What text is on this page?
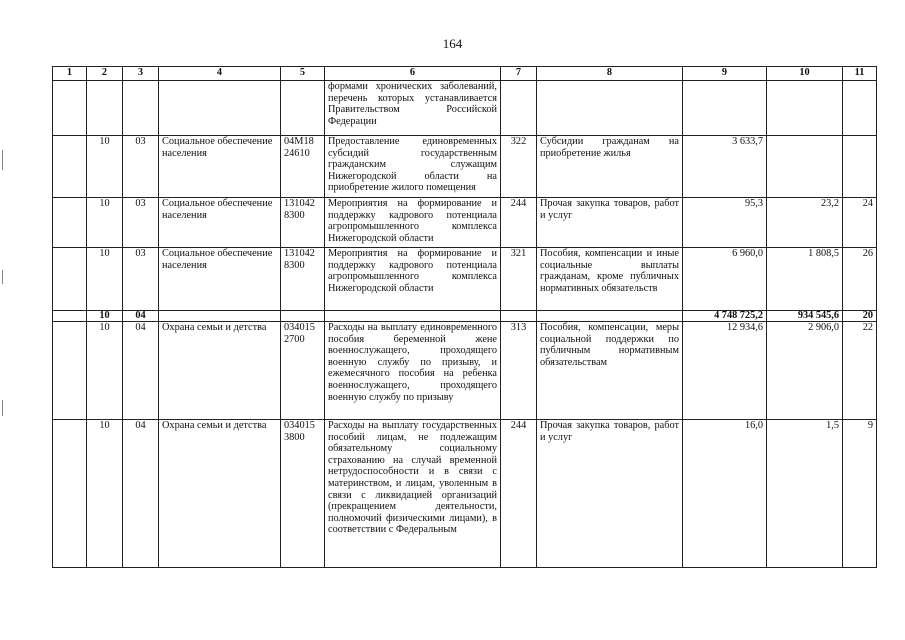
164
1	2	3	4	5	6	7	8	9	10	11
					формами хронических заболеваний, перечень которых устанавливается Правительством Российской Федерации					
	10	03	Социальное обеспечение населения	04М18 24610	Предоставление единовременных субсидий государственным гражданским служащим Нижегородской области на приобретение жилого помещения	322	Субсидии гражданам на приобретение жилья	3 633,7		
	10	03	Социальное обеспечение населения	131042 8300	Мероприятия на формирование и поддержку кадрового потенциала агропромышленного комплекса Нижегородской области	244	Прочая закупка товаров, работ и услуг	95,3	23,2	24
	10	03	Социальное обеспечение населения	131042 8300	Мероприятия на формирование и поддержку кадрового потенциала агропромышленного комплекса Нижегородской области	321	Пособия, компенсации и иные социальные выплаты гражданам, кроме публичных нормативных обязательств	6 960,0	1 808,5	26
	10	04						4 748 725,2	934 545,6	20
	10	04	Охрана семьи и детства	034015 2700	Расходы на выплату единовременного пособия беременной жене военнослужащего, проходящего военную службу по призыву, и ежемесячного пособия на ребенка военнослужащего, проходящего военную службу по призыву	313	Пособия, компенсации, меры социальной поддержки по публичным нормативным обязательствам	12 934,6	2 906,0	22
	10	04	Охрана семьи и детства	034015 3800	Расходы на выплату государственных пособий лицам, не подлежащим обязательному социальному страхованию на случай временной нетрудоспособности и в связи с материнством, и лицам, уволенным в связи с ликвидацией организаций (прекращением деятельности, полномочий физическими лицами), в соответствии с Федеральным	244	Прочая закупка товаров, работ и услуг	16,0	1,5	9
